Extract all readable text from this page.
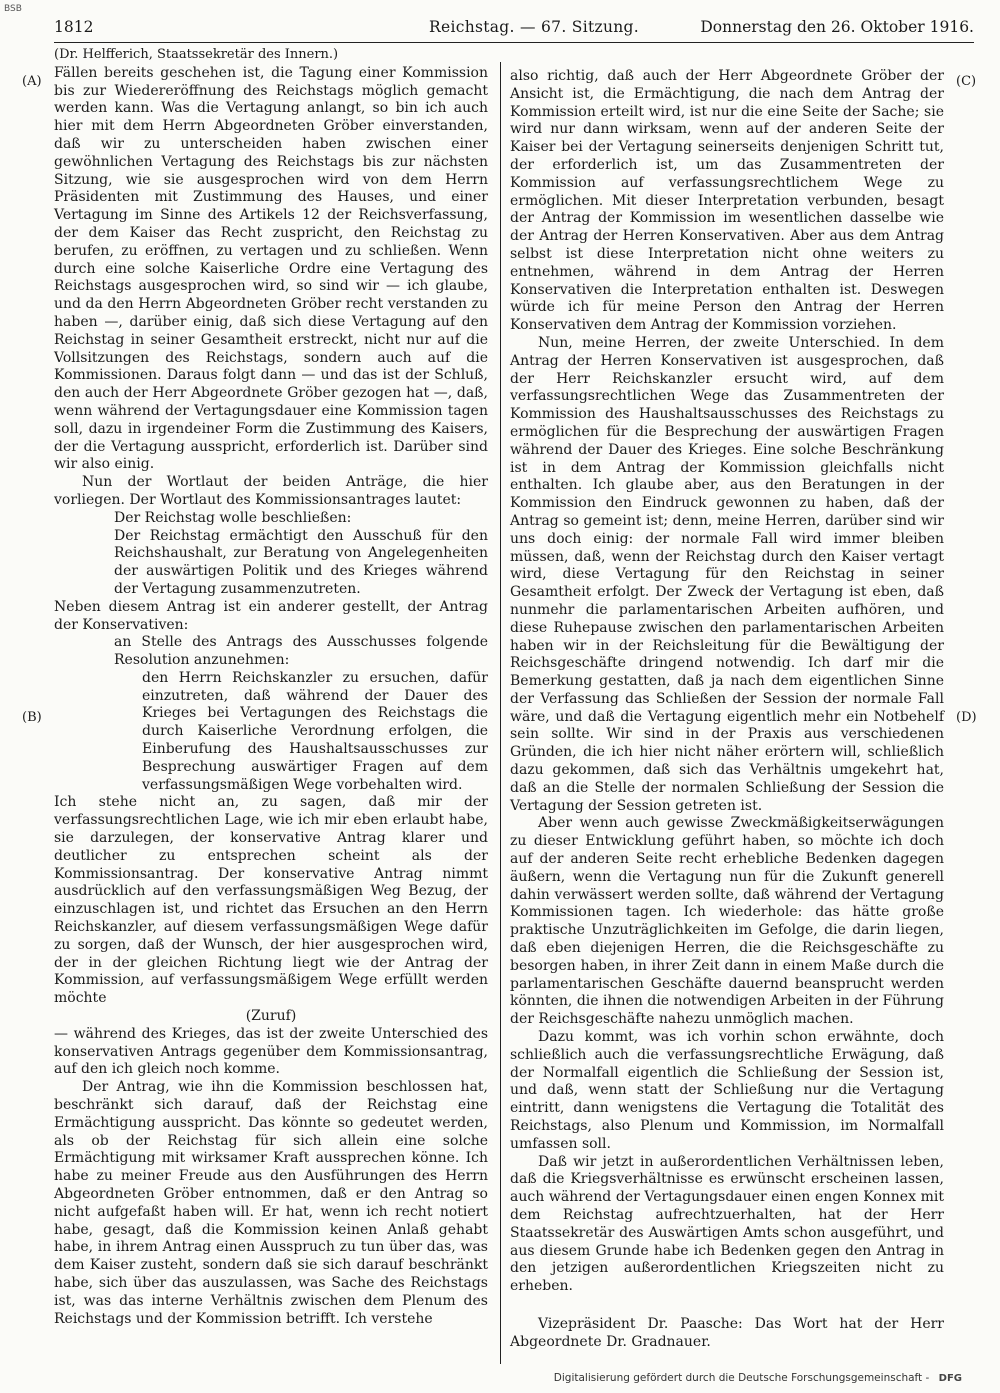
BSB
1812	Reichstag. — 67. Sitzung.	Donnerstag den 26. Oktober 1916.
(A)
(B)
(C)
(D)

(Dr. Helfferich, Staatssekretär des Innern.)

Fällen bereits geschehen ist, die Tagung einer Kommission bis zur Wiedereröffnung des Reichstags möglich gemacht werden kann. Was die Vertagung anlangt, so bin ich auch hier mit dem Herrn Abgeordneten Gröber einverstanden, daß wir zu unterscheiden haben zwischen einer gewöhnlichen Vertagung des Reichstags bis zur nächsten Sitzung, wie sie ausgesprochen wird von dem Herrn Präsidenten mit Zustimmung des Hauses, und einer Vertagung im Sinne des Artikels 12 der Reichsverfassung, der dem Kaiser das Recht zuspricht, den Reichstag zu berufen, zu eröffnen, zu vertagen und zu schließen. Wenn durch eine solche Kaiserliche Ordre eine Vertagung des Reichstags ausgesprochen wird, so sind wir — ich glaube, und da den Herrn Abgeordneten Gröber recht verstanden zu haben —, darüber einig, daß sich diese Vertagung auf den Reichstag in seiner Gesamtheit erstreckt, nicht nur auf die Vollsitzungen des Reichstags, sondern auch auf die Kommissionen. Daraus folgt dann — und das ist der Schluß, den auch der Herr Abgeordnete Gröber gezogen hat —, daß, wenn während der Vertagungsdauer eine Kommission tagen soll, dazu in irgendeiner Form die Zustimmung des Kaisers, der die Vertagung ausspricht, erforderlich ist. Darüber sind wir also einig.

Nun der Wortlaut der beiden Anträge, die hier vorliegen. Der Wortlaut des Kommissionsantrages lautet:

Der Reichstag wolle beschließen:

Der Reichstag ermächtigt den Ausschuß für den Reichshaushalt, zur Beratung von Angelegenheiten der auswärtigen Politik und des Krieges während der Vertagung zusammenzutreten.

Neben diesem Antrag ist ein anderer gestellt, der Antrag der Konservativen:

an Stelle des Antrags des Ausschusses folgende Resolution anzunehmen:

den Herrn Reichskanzler zu ersuchen, dafür einzutreten, daß während der Dauer des Krieges bei Vertagungen des Reichstags die durch Kaiserliche Verordnung erfolgen, die Einberufung des Haushaltsausschusses zur Besprechung auswärtiger Fragen auf dem verfassungsmäßigen Wege vorbehalten wird.

Ich stehe nicht an, zu sagen, daß mir der verfassungsrechtlichen Lage, wie ich mir eben erlaubt habe, sie darzulegen, der konservative Antrag klarer und deutlicher zu entsprechen scheint als der Kommissionsantrag. Der konservative Antrag nimmt ausdrücklich auf den verfassungsmäßigen Weg Bezug, der einzuschlagen ist, und richtet das Ersuchen an den Herrn Reichskanzler, auf diesem verfassungsmäßigen Wege dafür zu sorgen, daß der Wunsch, der hier ausgesprochen wird, der in der gleichen Richtung liegt wie der Antrag der Kommission, auf verfassungsmäßigem Wege erfüllt werden möchte

(Zuruf)

— während des Krieges, das ist der zweite Unterschied des konservativen Antrags gegenüber dem Kommissionsantrag, auf den ich gleich noch komme.

Der Antrag, wie ihn die Kommission beschlossen hat, beschränkt sich darauf, daß der Reichstag eine Ermächtigung ausspricht. Das könnte so gedeutet werden, als ob der Reichstag für sich allein eine solche Ermächtigung mit wirksamer Kraft aussprechen könne. Ich habe zu meiner Freude aus den Ausführungen des Herrn Abgeordneten Gröber entnommen, daß er den Antrag so nicht aufgefaßt haben will. Er hat, wenn ich recht notiert habe, gesagt, daß die Kommission keinen Anlaß gehabt habe, in ihrem Antrag einen Ausspruch zu tun über das, was dem Kaiser zusteht, sondern daß sie sich darauf beschränkt habe, sich über das auszulassen, was Sache des Reichstags ist, was das interne Verhältnis zwischen dem Plenum des Reichstags und der Kommission betrifft. Ich verstehe

also richtig, daß auch der Herr Abgeordnete Gröber der Ansicht ist, die Ermächtigung, die nach dem Antrag der Kommission erteilt wird, ist nur die eine Seite der Sache; sie wird nur dann wirksam, wenn auf der anderen Seite der Kaiser bei der Vertagung seinerseits denjenigen Schritt tut, der erforderlich ist, um das Zusammentreten der Kommission auf verfassungsrechtlichem Wege zu ermöglichen. Mit dieser Interpretation verbunden, besagt der Antrag der Kommission im wesentlichen dasselbe wie der Antrag der Herren Konservativen. Aber aus dem Antrag selbst ist diese Interpretation nicht ohne weiters zu entnehmen, während in dem Antrag der Herren Konservativen die Interpretation enthalten ist. Deswegen würde ich für meine Person den Antrag der Herren Konservativen dem Antrag der Kommission vorziehen.

Nun, meine Herren, der zweite Unterschied. In dem Antrag der Herren Konservativen ist ausgesprochen, daß der Herr Reichskanzler ersucht wird, auf dem verfassungsrechtlichen Wege das Zusammentreten der Kommission des Haushaltsausschusses des Reichstags zu ermöglichen für die Besprechung der auswärtigen Fragen während der Dauer des Krieges. Eine solche Beschränkung ist in dem Antrag der Kommission gleichfalls nicht enthalten. Ich glaube aber, aus den Beratungen in der Kommission den Eindruck gewonnen zu haben, daß der Antrag so gemeint ist; denn, meine Herren, darüber sind wir uns doch einig: der normale Fall wird immer bleiben müssen, daß, wenn der Reichstag durch den Kaiser vertagt wird, diese Vertagung für den Reichstag in seiner Gesamtheit erfolgt. Der Zweck der Vertagung ist eben, daß nunmehr die parlamentarischen Arbeiten aufhören, und diese Ruhepause zwischen den parlamentarischen Arbeiten haben wir in der Reichsleitung für die Bewältigung der Reichsgeschäfte dringend notwendig. Ich darf mir die Bemerkung gestatten, daß ja nach dem eigentlichen Sinne der Verfassung das Schließen der Session der normale Fall wäre, und daß die Vertagung eigentlich mehr ein Notbehelf sein sollte. Wir sind in der Praxis aus verschiedenen Gründen, die ich hier nicht näher erörtern will, schließlich dazu gekommen, daß sich das Verhältnis umgekehrt hat, daß an die Stelle der normalen Schließung der Session die Vertagung der Session getreten ist.

Aber wenn auch gewisse Zweckmäßigkeitserwägungen zu dieser Entwicklung geführt haben, so möchte ich doch auf der anderen Seite recht erhebliche Bedenken dagegen äußern, wenn die Vertagung nun für die Zukunft generell dahin verwässert werden sollte, daß während der Vertagung Kommissionen tagen. Ich wiederhole: das hätte große praktische Unzuträglichkeiten im Gefolge, die darin liegen, daß eben diejenigen Herren, die die Reichsgeschäfte zu besorgen haben, in ihrer Zeit dann in einem Maße durch die parlamentarischen Geschäfte dauernd beansprucht werden könnten, die ihnen die notwendigen Arbeiten in der Führung der Reichsgeschäfte nahezu unmöglich machen.

Dazu kommt, was ich vorhin schon erwähnte, doch schließlich auch die verfassungsrechtliche Erwägung, daß der Normalfall eigentlich die Schließung der Session ist, und daß, wenn statt der Schließung nur die Vertagung eintritt, dann wenigstens die Vertagung die Totalität des Reichstags, also Plenum und Kommission, im Normalfall umfassen soll.

Daß wir jetzt in außerordentlichen Verhältnissen leben, daß die Kriegsverhältnisse es erwünscht erscheinen lassen, auch während der Vertagungsdauer einen engen Konnex mit dem Reichstag aufrechtzuerhalten, hat der Herr Staatssekretär des Auswärtigen Amts schon ausgeführt, und aus diesem Grunde habe ich Bedenken gegen den Antrag in den jetzigen außerordentlichen Kriegszeiten nicht zu erheben.

Vizepräsident Dr. Paasche: Das Wort hat der Herr Abgeordnete Dr. Gradnauer.

Digitalisierung gefördert durch die Deutsche Forschungsgemeinschaft - DFG
